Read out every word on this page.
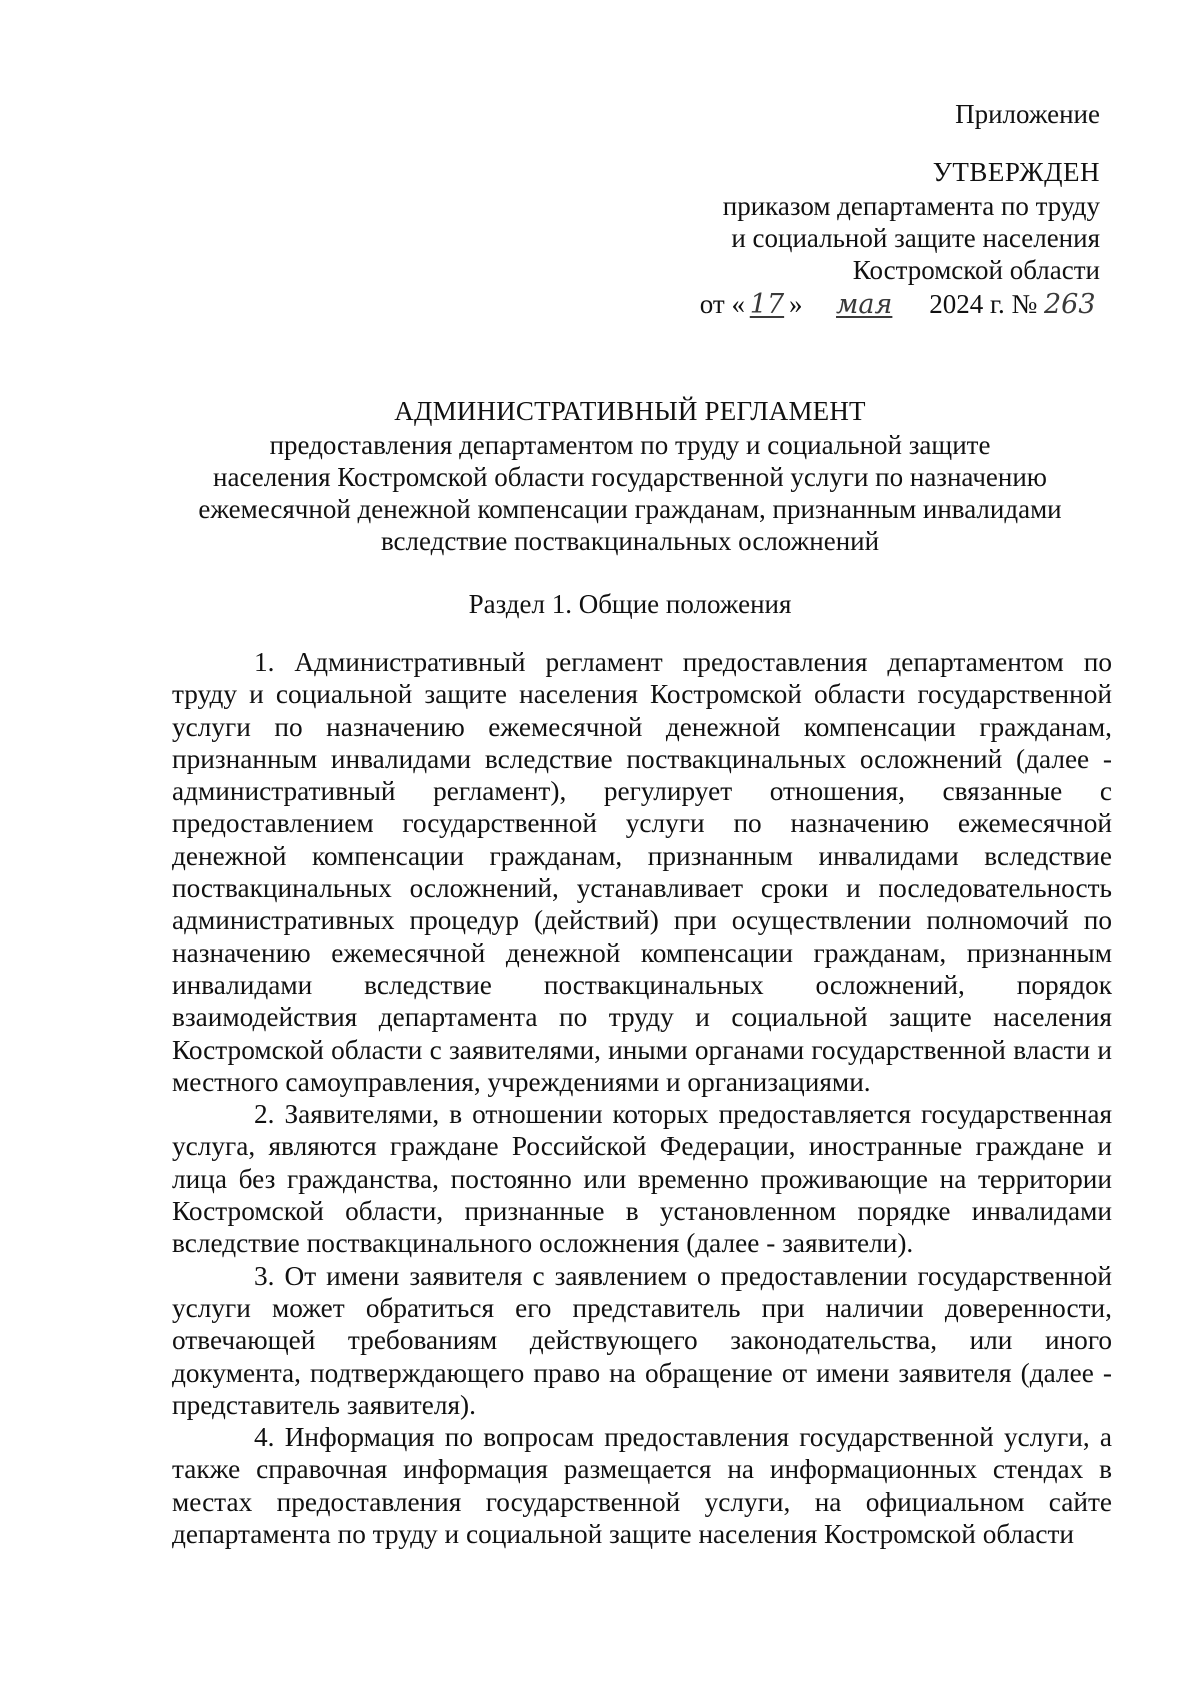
Приложение
УТВЕРЖДЕН
приказом департамента по труду
и социальной защите населения
Костромской области
от « 17 » мая 2024 г. № 263
АДМИНИСТРАТИВНЫЙ РЕГЛАМЕНТ
предоставления департаментом по труду и социальной защите
населения Костромской области государственной услуги по назначению
ежемесячной денежной компенсации гражданам, признанным инвалидами
вследствие поствакцинальных осложнений
Раздел 1. Общие положения

1. Административный регламент предоставления департаментом по труду и социальной защите населения Костромской области государственной услуги по назначению ежемесячной денежной компенсации гражданам, признанным инвалидами вследствие поствакцинальных осложнений (далее - административный регламент), регулирует отношения, связанные с предоставлением государственной услуги по назначению ежемесячной денежной компенсации гражданам, признанным инвалидами вследствие поствакцинальных осложнений, устанавливает сроки и последовательность административных процедур (действий) при осуществлении полномочий по назначению ежемесячной денежной компенсации гражданам, признанным инвалидами вследствие поствакцинальных осложнений, порядок взаимодействия департамента по труду и социальной защите населения Костромской области с заявителями, иными органами государственной власти и местного самоуправления, учреждениями и организациями.

2. Заявителями, в отношении которых предоставляется государственная услуга, являются граждане Российской Федерации, иностранные граждане и лица без гражданства, постоянно или временно проживающие на территории Костромской области, признанные в установленном порядке инвалидами вследствие поствакцинального осложнения (далее - заявители).

3. От имени заявителя с заявлением о предоставлении государственной услуги может обратиться его представитель при наличии доверенности, отвечающей требованиям действующего законодательства, или иного документа, подтверждающего право на обращение от имени заявителя (далее - представитель заявителя).

4. Информация по вопросам предоставления государственной услуги, а также справочная информация размещается на информационных стендах в местах предоставления государственной услуги, на официальном сайте департамента по труду и социальной защите населения Костромской области
